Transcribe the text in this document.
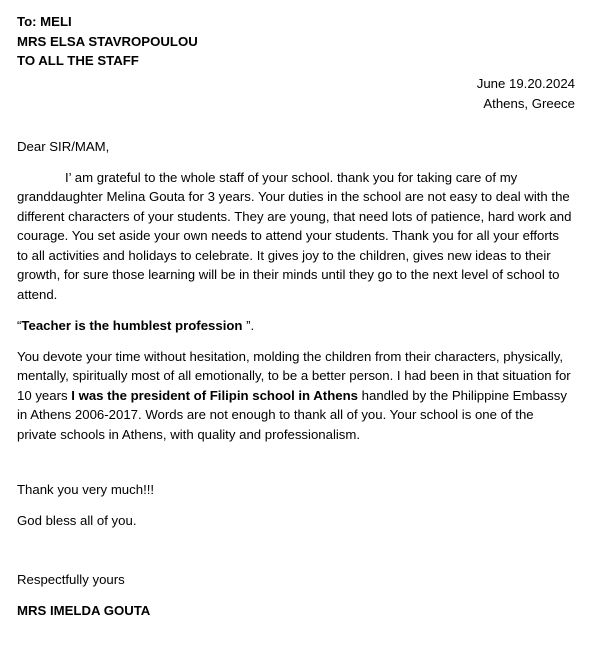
To: MELI
MRS ELSA STAVROPOULOU
TO ALL THE STAFF
June 19.20.2024
Athens, Greece
Dear SIR/MAM,
I’ am grateful to the whole staff of your school. thank you for taking care of my granddaughter Melina Gouta for 3 years. Your duties in the school are not easy to deal with the different characters of your students. They are young, that need lots of patience, hard work and courage. You set aside your own needs to attend your students. Thank you for all your efforts to all activities and holidays to celebrate. It gives joy to the children, gives new ideas to their growth, for sure those learning will be in their minds until they go to the next level of school to attend.
“Teacher is the humblest profession ”.
You devote your time without hesitation, molding the children from their characters, physically, mentally, spiritually most of all emotionally, to be a better person. I had been in that situation for 10 years I was the president of Filipin school in Athens handled by the Philippine Embassy in Athens 2006-2017. Words are not enough to thank all of you. Your school is one of the private schools in Athens, with quality and professionalism.
Thank you very much!!!
God bless all of you.
Respectfully yours
MRS IMELDA GOUTA
